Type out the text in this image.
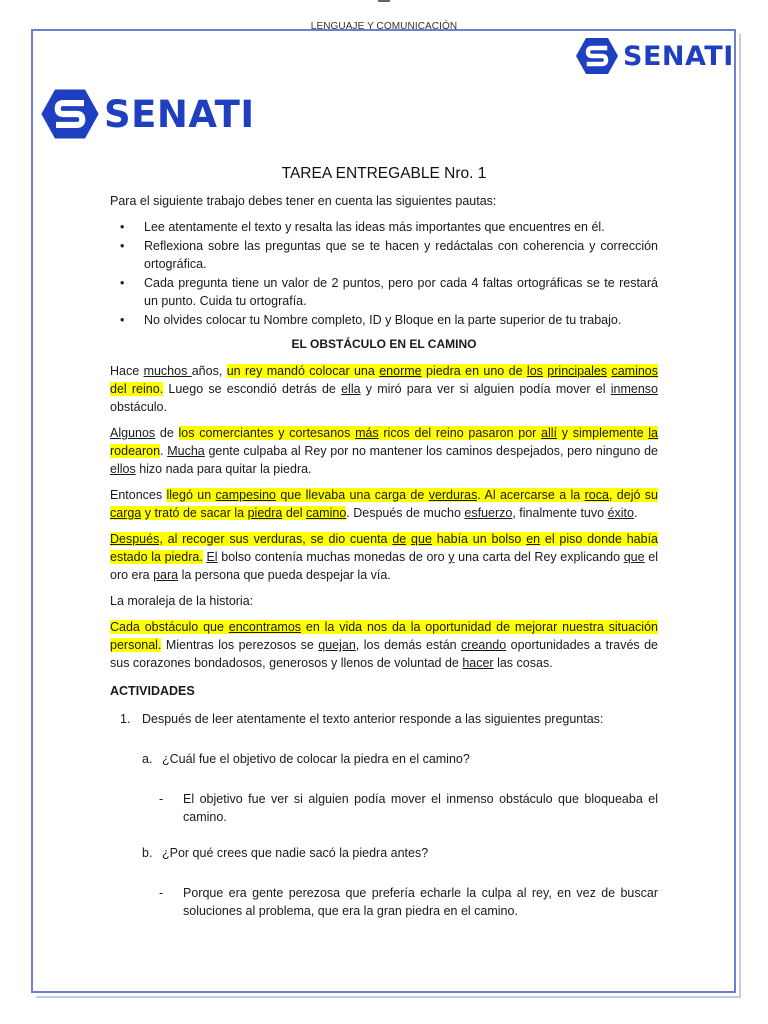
LENGUAJE Y COMUNICACIÓN
SENATI
SENATI
TAREA ENTREGABLE Nro. 1
Para el siguiente trabajo debes tener en cuenta las siguientes pautas:
• Lee atentamente el texto y resalta las ideas más importantes que encuentres en él.
• Reflexiona sobre las preguntas que se te hacen y redáctalas con coherencia y corrección ortográfica.
• Cada pregunta tiene un valor de 2 puntos, pero por cada 4 faltas ortográficas se te restará un punto. Cuida tu ortografía.
• No olvides colocar tu Nombre completo, ID y Bloque en la parte superior de tu trabajo.
EL OBSTÁCULO EN EL CAMINO
Hace muchos años, un rey mandó colocar una enorme piedra en uno de los principales caminos del reino. Luego se escondió detrás de ella y miró para ver si alguien podía mover el inmenso obstáculo.
Algunos de los comerciantes y cortesanos más ricos del reino pasaron por allí y simplemente la rodearon. Mucha gente culpaba al Rey por no mantener los caminos despejados, pero ninguno de ellos hizo nada para quitar la piedra.
Entonces llegó un campesino que llevaba una carga de verduras. Al acercarse a la roca, dejó su carga y trató de sacar la piedra del camino. Después de mucho esfuerzo, finalmente tuvo éxito.
Después, al recoger sus verduras, se dio cuenta de que había un bolso en el piso donde había estado la piedra. El bolso contenía muchas monedas de oro y una carta del Rey explicando que el oro era para la persona que pueda despejar la vía.
La moraleja de la historia:
Cada obstáculo que encontramos en la vida nos da la oportunidad de mejorar nuestra situación personal. Mientras los perezosos se quejan, los demás están creando oportunidades a través de sus corazones bondadosos, generosos y llenos de voluntad de hacer las cosas.
ACTIVIDADES
1. Después de leer atentamente el texto anterior responde a las siguientes preguntas:
a. ¿Cuál fue el objetivo de colocar la piedra en el camino?
- El objetivo fue ver si alguien podía mover el inmenso obstáculo que bloqueaba el camino.
b. ¿Por qué crees que nadie sacó la piedra antes?
- Porque era gente perezosa que prefería echarle la culpa al rey, en vez de buscar soluciones al problema, que era la gran piedra en el camino.
